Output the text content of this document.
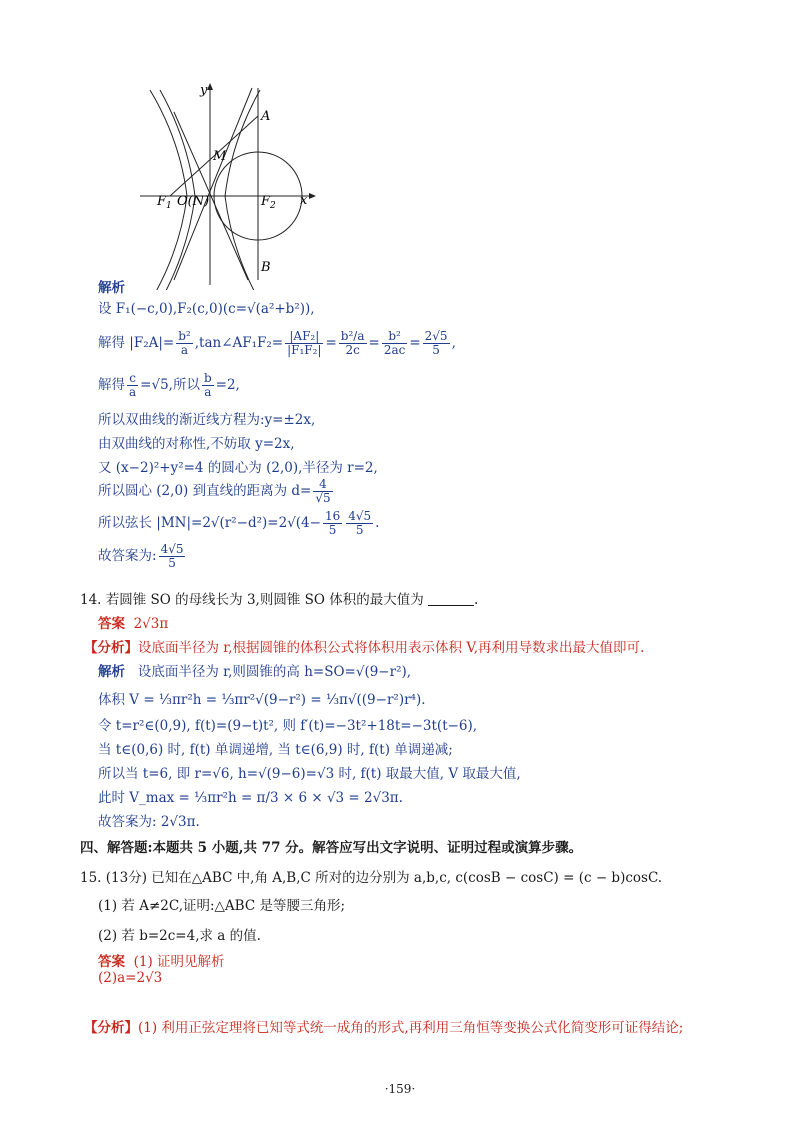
y
x
A
M
B
$F_1$ O(N)	$F_2$
解析
设 F₁(−c,0),F₂(c,0)(c=√(a²+b²)),
解得 $|F_2A|= \frac{\text{b²}}{a}$ ,tan∠AF₁F₂= $\frac{\text{|AF₂|}}{\text{|F₁F₂|}} = \frac{\text{b²/a}}{2c} = \frac{\text{b²}}{2ac} = \frac{2√5}{5}$ ,
解得 $\frac{c}{a} =√5$,所以 $\frac{b}{a} =2$,
所以双曲线的渐近线方程为:y=±2x,
由双曲线的对称性,不妨取 y=2x,
又 (x−2)²+y²=4 的圆心为 (2,0),半径为 r=2,
所以圆心 (2,0) 到直线的距离为 $d= \frac{4}{√5}$
所以弦长 $|MN|=2√(r^2-d^2)=2√(4- \frac{16}{5} \frac{4√5}{5}$ .
故答案为: $\frac{4√5}{5}$
14. 若圆锥 SO 的母线长为 3,则圆锥 SO 体积的最大值为	.
答案 2√3π
【分析】设底面半径为 r,根据圆锥的体积公式将体积用表示体积 V,再利用导数求出最大值即可.
解析 设底面半径为 r,则圆锥的高 h=SO=√(9−r²),
体积 V = ⅓πr²h = ⅓πr²√(9−r²) = ⅓π√((9−r²)r⁴).
令 t=r²∈(0,9), f(t)=(9−t)t², 则 f′(t)=−3t²+18t=−3t(t−6),
当 t∈(0,6) 时, f(t) 单调递增, 当 t∈(6,9) 时, f(t) 单调递减;
所以当 t=6, 即 r=√6, h=√(9−6)=√3 时, f(t) 取最大值, V 取最大值,
此时 V_max = ⅓πr²h = π/3 × 6 × √3 = 2√3π.
故答案为: 2√3π.
四、解答题:本题共 5 小题,共 77 分。解答应写出文字说明、证明过程或演算步骤。
15. (13分) 已知在△ABC 中,角 A,B,C 所对的边分别为 a,b,c, c(cosB − cosC) = (c − b)cosC.
(1) 若 A≠2C,证明:△ABC 是等腰三角形;
(2) 若 b=2c=4,求 a 的值.
答案 (1) 证明见解析
(2)a=2√3
【分析】(1) 利用正弦定理将已知等式统一成角的形式,再利用三角恒等变换公式化简变形可证得结论;
·159·
